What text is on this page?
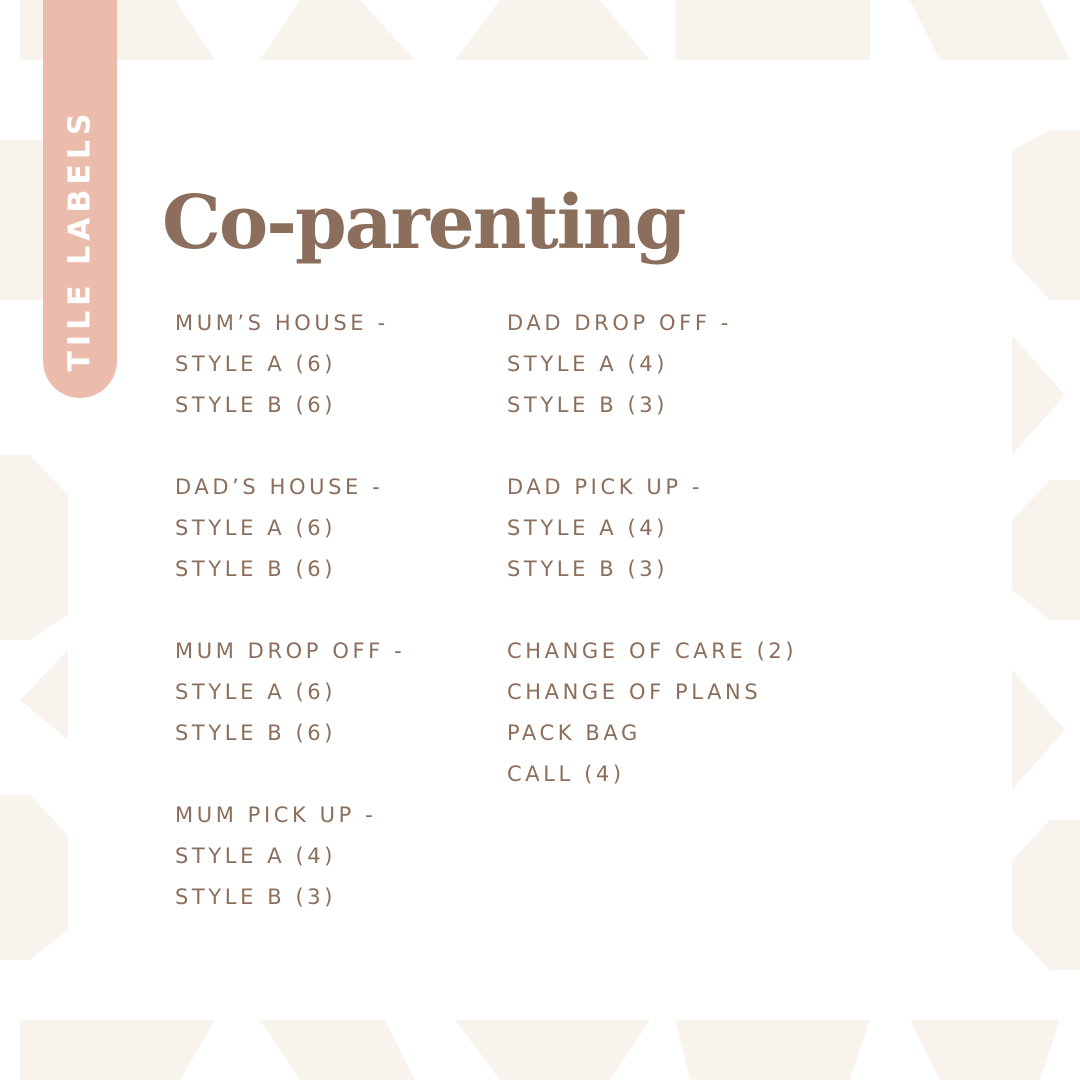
TILE LABELS Co-parenting
MUM’S HOUSE -
STYLE A (6)
STYLE B (6)
DAD’S HOUSE -
STYLE A (6)
STYLE B (6)
MUM DROP OFF -
STYLE A (6)
STYLE B (6)
MUM PICK UP -
STYLE A (4)
STYLE B (3)
DAD DROP OFF -
STYLE A (4)
STYLE B (3)
DAD PICK UP -
STYLE A (4)
STYLE B (3)
CHANGE OF CARE (2)
CHANGE OF PLANS
PACK BAG
CALL (4)
